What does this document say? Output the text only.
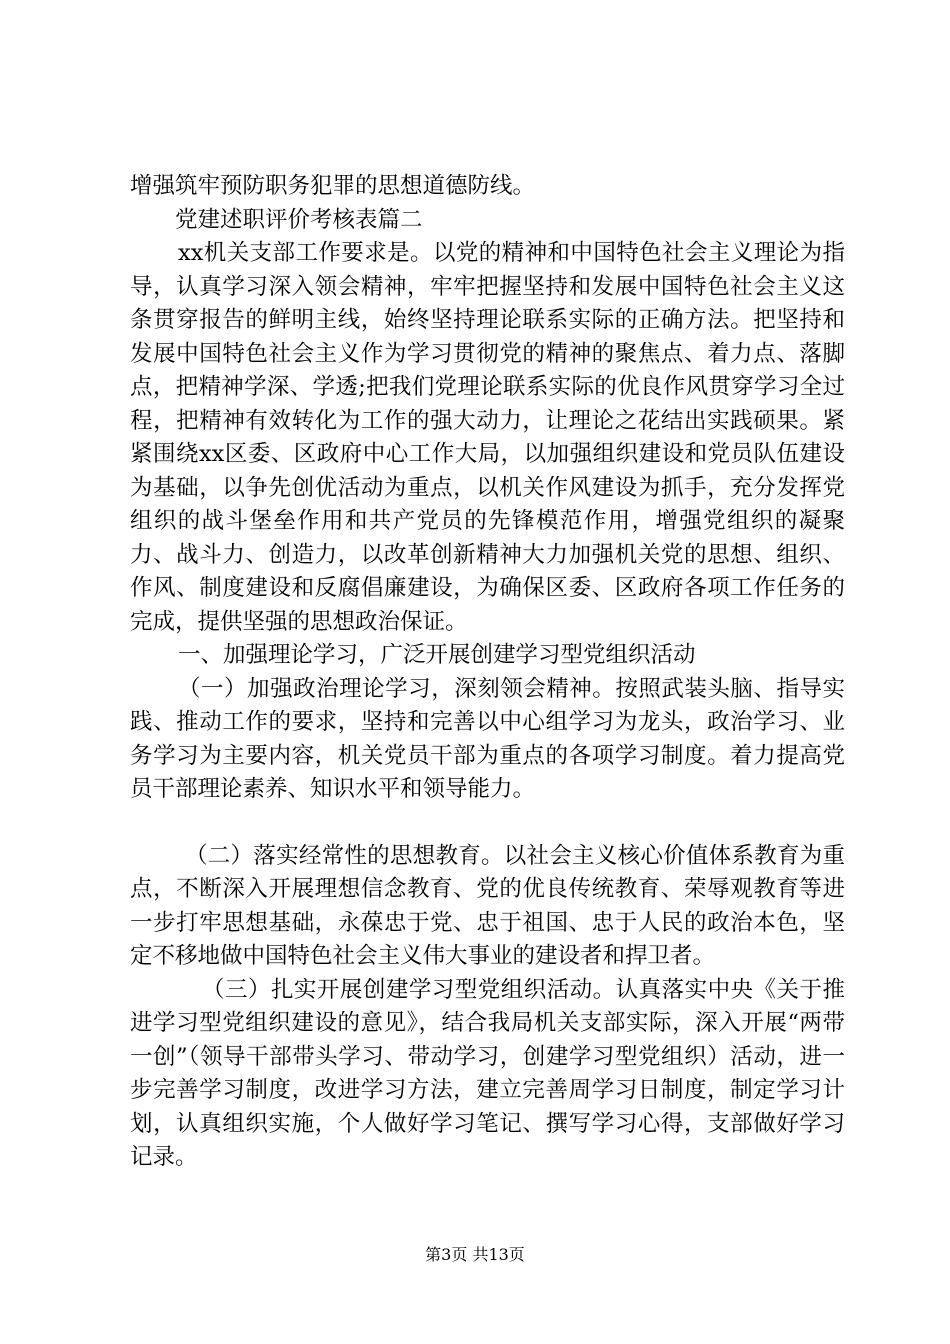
增强筑牢预防职务犯罪的思想道德防线。

党建述职评价考核表篇二

xx机关支部工作要求是。以党的精神和中国特色社会主义理论为指导，认真学习深入领会精神，牢牢把握坚持和发展中国特色社会主义这条贯穿报告的鲜明主线，始终坚持理论联系实际的正确方法。把坚持和发展中国特色社会主义作为学习贯彻党的精神的聚焦点、着力点、落脚点，把精神学深、学透;把我们党理论联系实际的优良作风贯穿学习全过程，把精神有效转化为工作的强大动力，让理论之花结出实践硕果。紧紧围绕xx区委、区政府中心工作大局，以加强组织建设和党员队伍建设为基础，以争先创优活动为重点，以机关作风建设为抓手，充分发挥党组织的战斗堡垒作用和共产党员的先锋模范作用，增强党组织的凝聚力、战斗力、创造力，以改革创新精神大力加强机关党的思想、组织、作风、制度建设和反腐倡廉建设，为确保区委、区政府各项工作任务的完成，提供坚强的思想政治保证。

一、加强理论学习，广泛开展创建学习型党组织活动

（一）加强政治理论学习，深刻领会精神。按照武装头脑、指导实践、推动工作的要求，坚持和完善以中心组学习为龙头，政治学习、业务学习为主要内容，机关党员干部为重点的各项学习制度。着力提高党员干部理论素养、知识水平和领导能力。

（二）落实经常性的思想教育。以社会主义核心价值体系教育为重点，不断深入开展理想信念教育、党的优良传统教育、荣辱观教育等进一步打牢思想基础，永葆忠于党、忠于祖国、忠于人民的政治本色，坚定不移地做中国特色社会主义伟大事业的建设者和捍卫者。

（三）扎实开展创建学习型党组织活动。认真落实中央《关于推进学习型党组织建设的意见》，结合我局机关支部实际，深入开展“两带一创”（领导干部带头学习、带动学习，创建学习型党组织）活动，进一步完善学习制度，改进学习方法，建立完善周学习日制度，制定学习计划，认真组织实施，个人做好学习笔记、撰写学习心得，支部做好学习记录。

第3页 共13页
